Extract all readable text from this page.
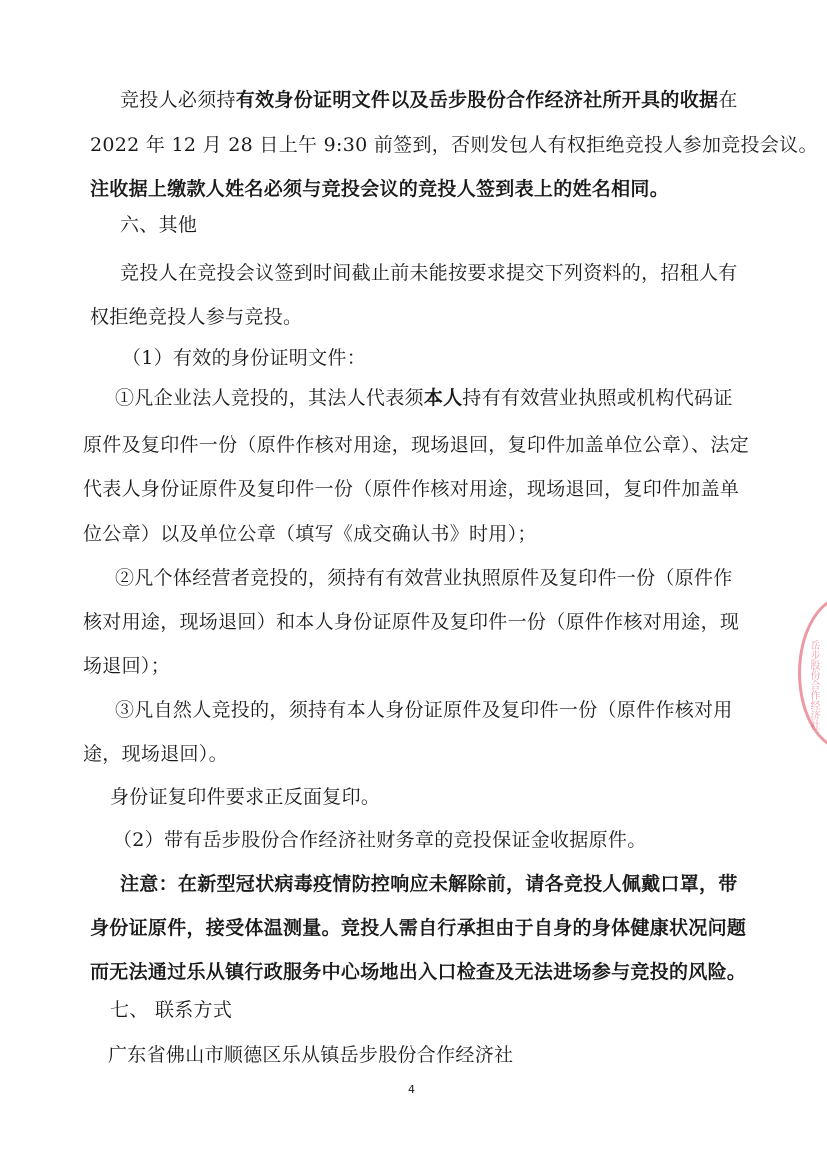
竞投人必须持有效身份证明文件以及岳步股份合作经济社所开具的收据在
2022 年 12 月 28 日上午 9:30 前签到，否则发包人有权拒绝竞投人参加竞投会议。
注收据上缴款人姓名必须与竞投会议的竞投人签到表上的姓名相同。
六、其他
竞投人在竞投会议签到时间截止前未能按要求提交下列资料的，招租人有
权拒绝竞投人参与竞投。
（1）有效的身份证明文件：
①凡企业法人竞投的，其法人代表须本人持有有效营业执照或机构代码证
原件及复印件一份（原件作核对用途，现场退回，复印件加盖单位公章）、法定
代表人身份证原件及复印件一份（原件作核对用途，现场退回，复印件加盖单
位公章）以及单位公章（填写《成交确认书》时用）；
②凡个体经营者竞投的，须持有有效营业执照原件及复印件一份（原件作
核对用途，现场退回）和本人身份证原件及复印件一份（原件作核对用途，现
场退回）；
③凡自然人竞投的，须持有本人身份证原件及复印件一份（原件作核对用
途，现场退回）。
身份证复印件要求正反面复印。
（2）带有岳步股份合作经济社财务章的竞投保证金收据原件。
注意：在新型冠状病毒疫情防控响应未解除前，请各竞投人佩戴口罩，带
身份证原件，接受体温测量。竞投人需自行承担由于自身的身体健康状况问题
而无法通过乐从镇行政服务中心场地出入口检查及无法进场参与竞投的风险。
七、 联系方式
广东省佛山市顺德区乐从镇岳步股份合作经济社
4
岳步股份合作经济社
